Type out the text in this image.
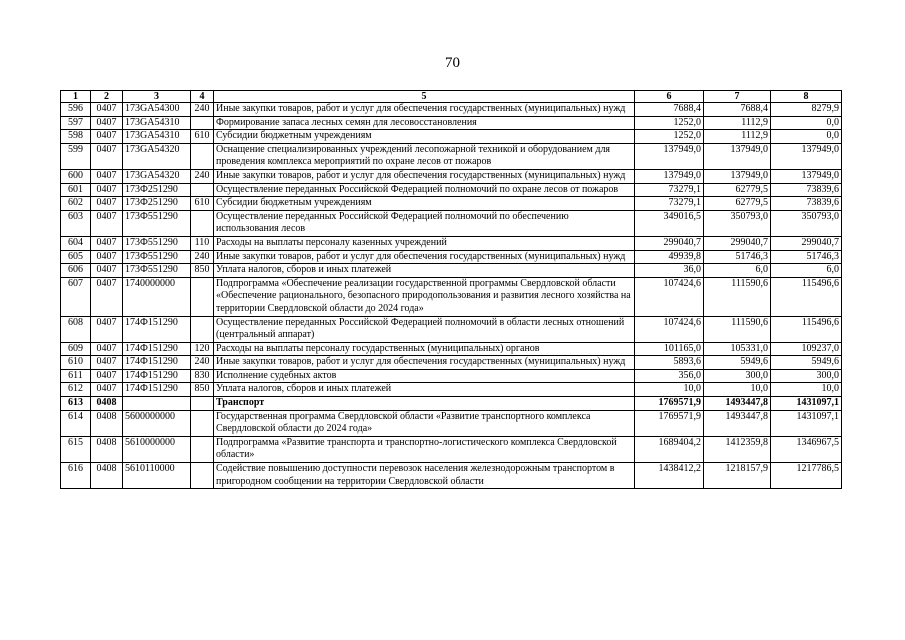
70
1	2	3	4	5	6	7	8
596	0407	173GA54300	240	Иные закупки товаров, работ и услуг для обеспечения государственных (муниципальных) нужд	7688,4	7688,4	8279,9
597	0407	173GA54310		Формирование запаса лесных семян для лесовосстановления	1252,0	1112,9	0,0
598	0407	173GA54310	610	Субсидии бюджетным учреждениям	1252,0	1112,9	0,0
599	0407	173GA54320		Оснащение специализированных учреждений лесопожарной техникой и оборудованием для проведения комплекса мероприятий по охране лесов от пожаров	137949,0	137949,0	137949,0
600	0407	173GA54320	240	Иные закупки товаров, работ и услуг для обеспечения государственных (муниципальных) нужд	137949,0	137949,0	137949,0
601	0407	173Ф251290		Осуществление переданных Российской Федерацией полномочий по охране лесов от пожаров	73279,1	62779,5	73839,6
602	0407	173Ф251290	610	Субсидии бюджетным учреждениям	73279,1	62779,5	73839,6
603	0407	173Ф551290		Осуществление переданных Российской Федерацией полномочий по обеспечению использования лесов	349016,5	350793,0	350793,0
604	0407	173Ф551290	110	Расходы на выплаты персоналу казенных учреждений	299040,7	299040,7	299040,7
605	0407	173Ф551290	240	Иные закупки товаров, работ и услуг для обеспечения государственных (муниципальных) нужд	49939,8	51746,3	51746,3
606	0407	173Ф551290	850	Уплата налогов, сборов и иных платежей	36,0	6,0	6,0
607	0407	1740000000		Подпрограмма «Обеспечение реализации государственной программы Свердловской области «Обеспечение рационального, безопасного природопользования и развития лесного хозяйства на территории Свердловской области до 2024 года»	107424,6	111590,6	115496,6
608	0407	174Ф151290		Осуществление переданных Российской Федерацией полномочий в области лесных отношений (центральный аппарат)	107424,6	111590,6	115496,6
609	0407	174Ф151290	120	Расходы на выплаты персоналу государственных (муниципальных) органов	101165,0	105331,0	109237,0
610	0407	174Ф151290	240	Иные закупки товаров, работ и услуг для обеспечения государственных (муниципальных) нужд	5893,6	5949,6	5949,6
611	0407	174Ф151290	830	Исполнение судебных актов	356,0	300,0	300,0
612	0407	174Ф151290	850	Уплата налогов, сборов и иных платежей	10,0	10,0	10,0
613	0408			Транспорт	1769571,9	1493447,8	1431097,1
614	0408	5600000000		Государственная программа Свердловской области «Развитие транспортного комплекса Свердловской области до 2024 года»	1769571,9	1493447,8	1431097,1
615	0408	5610000000		Подпрограмма «Развитие транспорта и транспортно-логистического комплекса Свердловской области»	1689404,2	1412359,8	1346967,5
616	0408	5610110000		Содействие повышению доступности перевозок населения железнодорожным транспортом в пригородном сообщении на территории Свердловской области	1438412,2	1218157,9	1217786,5
